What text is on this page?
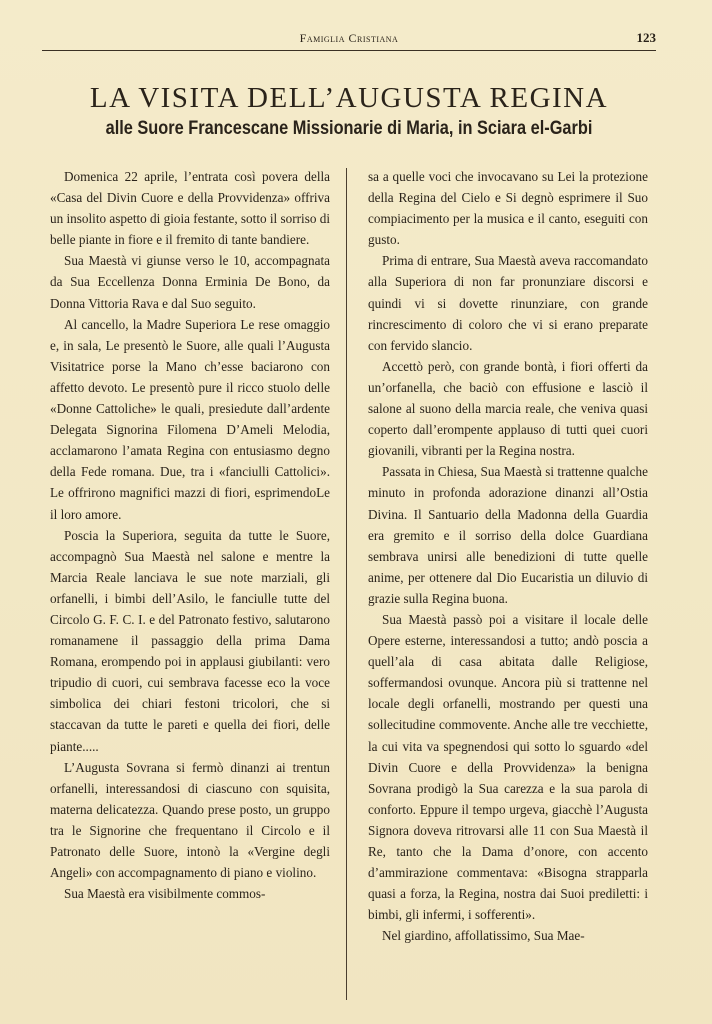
Famiglia Cristiana	123
LA VISITA DELL’AUGUSTA REGINA
alle Suore Francescane Missionarie di Maria, in Sciara el-Garbi

Domenica 22 aprile, l’entrata così povera della «Casa del Divin Cuore e della Provvidenza» offriva un insolito aspetto di gioia festante, sotto il sorriso di belle piante in fiore e il fremito di tante bandiere.

Sua Maestà vi giunse verso le 10, accompagnata da Sua Eccellenza Donna Erminia De Bono, da Donna Vittoria Rava e dal Suo seguito.

Al cancello, la Madre Superiora Le rese omaggio e, in sala, Le presentò le Suore, alle quali l’Augusta Visitatrice porse la Mano ch’esse baciarono con affetto devoto. Le presentò pure il ricco stuolo delle «Donne Cattoliche» le quali, presiedute dall’ardente Delegata Signorina Filomena D’Ameli Melodia, acclamarono l’amata Regina con entusiasmo degno della Fede romana. Due, tra i «fanciulli Cattolici». Le offrirono magnifici mazzi di fiori, esprimendoLe il loro amore.

Poscia la Superiora, seguita da tutte le Suore, accompagnò Sua Maestà nel salone e mentre la Marcia Reale lanciava le sue note marziali, gli orfanelli, i bimbi dell’Asilo, le fanciulle tutte del Circolo G. F. C. I. e del Patronato festivo, salutarono romanamene il passaggio della prima Dama Romana, erompendo poi in applausi giubilanti: vero tripudio di cuori, cui sembrava facesse eco la voce simbolica dei chiari festoni tricolori, che si staccavan da tutte le pareti e quella dei fiori, delle piante.....

L’Augusta Sovrana si fermò dinanzi ai trentun orfanelli, interessandosi di ciascuno con squisita, materna delicatezza. Quando prese posto, un gruppo tra le Signorine che frequentano il Circolo e il Patronato delle Suore, intonò la «Vergine degli Angeli» con accompagnamento di piano e violino.

Sua Maestà era visibilmente commos-

sa a quelle voci che invocavano su Lei la protezione della Regina del Cielo e Si degnò esprimere il Suo compiacimento per la musica e il canto, eseguiti con gusto.

Prima di entrare, Sua Maestà aveva raccomandato alla Superiora di non far pronunziare discorsi e quindi vi si dovette rinunziare, con grande rincrescimento di coloro che vi si erano preparate con fervido slancio.

Accettò però, con grande bontà, i fiori offerti da un’orfanella, che baciò con effusione e lasciò il salone al suono della marcia reale, che veniva quasi coperto dall’erompente applauso di tutti quei cuori giovanili, vibranti per la Regina nostra.

Passata in Chiesa, Sua Maestà si trattenne qualche minuto in profonda adorazione dinanzi all’Ostia Divina. Il Santuario della Madonna della Guardia era gremito e il sorriso della dolce Guardiana sembrava unirsi alle benedizioni di tutte quelle anime, per ottenere dal Dio Eucaristia un diluvio di grazie sulla Regina buona.

Sua Maestà passò poi a visitare il locale delle Opere esterne, interessandosi a tutto; andò poscia a quell’ala di casa abitata dalle Religiose, soffermandosi ovunque. Ancora più si trattenne nel locale degli orfanelli, mostrando per questi una sollecitudine commovente. Anche alle tre vecchiette, la cui vita va spegnendosi qui sotto lo sguardo «del Divin Cuore e della Provvidenza» la benigna Sovrana prodigò la Sua carezza e la sua parola di conforto. Eppure il tempo urgeva, giacchè l’Augusta Signora doveva ritrovarsi alle 11 con Sua Maestà il Re, tanto che la Dama d’onore, con accento d’ammirazione commentava: «Bisogna strapparla quasi a forza, la Regina, nostra dai Suoi prediletti: i bimbi, gli infermi, i sofferenti».

Nel giardino, affollatissimo, Sua Mae-
